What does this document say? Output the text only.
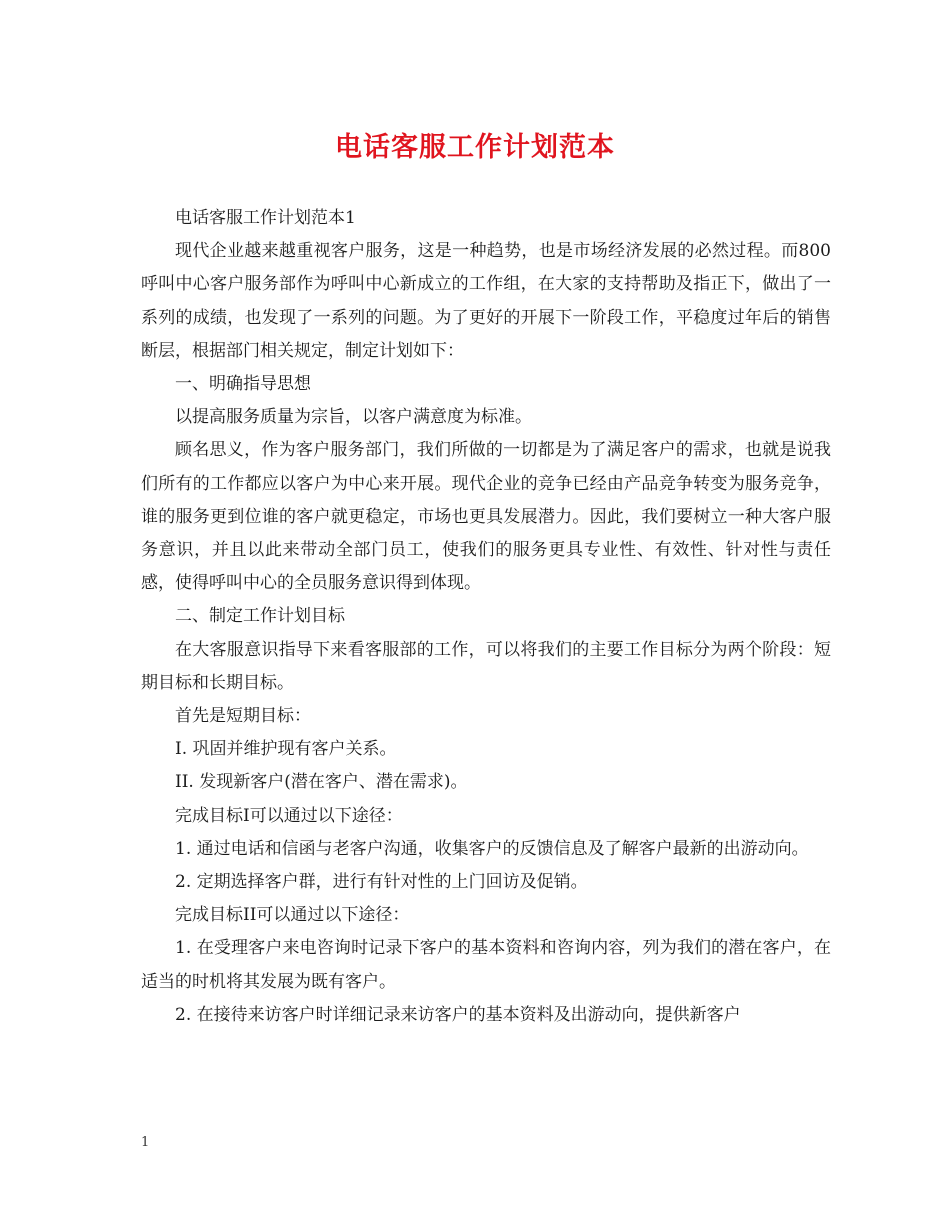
电话客服工作计划范本

电话客服工作计划范本1

现代企业越来越重视客户服务，这是一种趋势，也是市场经济发展的必然过程。而800呼叫中心客户服务部作为呼叫中心新成立的工作组，在大家的支持帮助及指正下，做出了一系列的成绩，也发现了一系列的问题。为了更好的开展下一阶段工作，平稳度过年后的销售断层，根据部门相关规定，制定计划如下：

一、明确指导思想

以提高服务质量为宗旨，以客户满意度为标准。

顾名思义，作为客户服务部门，我们所做的一切都是为了满足客户的需求，也就是说我们所有的工作都应以客户为中心来开展。现代企业的竞争已经由产品竞争转变为服务竞争，谁的服务更到位谁的客户就更稳定，市场也更具发展潜力。因此，我们要树立一种大客户服务意识，并且以此来带动全部门员工，使我们的服务更具专业性、有效性、针对性与责任感，使得呼叫中心的全员服务意识得到体现。

二、制定工作计划目标

在大客服意识指导下来看客服部的工作，可以将我们的主要工作目标分为两个阶段：短期目标和长期目标。

首先是短期目标：

I. 巩固并维护现有客户关系。

II. 发现新客户(潜在客户、潜在需求)。

完成目标I可以通过以下途径：

1. 通过电话和信函与老客户沟通，收集客户的反馈信息及了解客户最新的出游动向。

2. 定期选择客户群，进行有针对性的上门回访及促销。

完成目标II可以通过以下途径：

1. 在受理客户来电咨询时记录下客户的基本资料和咨询内容，列为我们的潜在客户，在适当的时机将其发展为既有客户。

2. 在接待来访客户时详细记录来访客户的基本资料及出游动向，提供新客户

1
